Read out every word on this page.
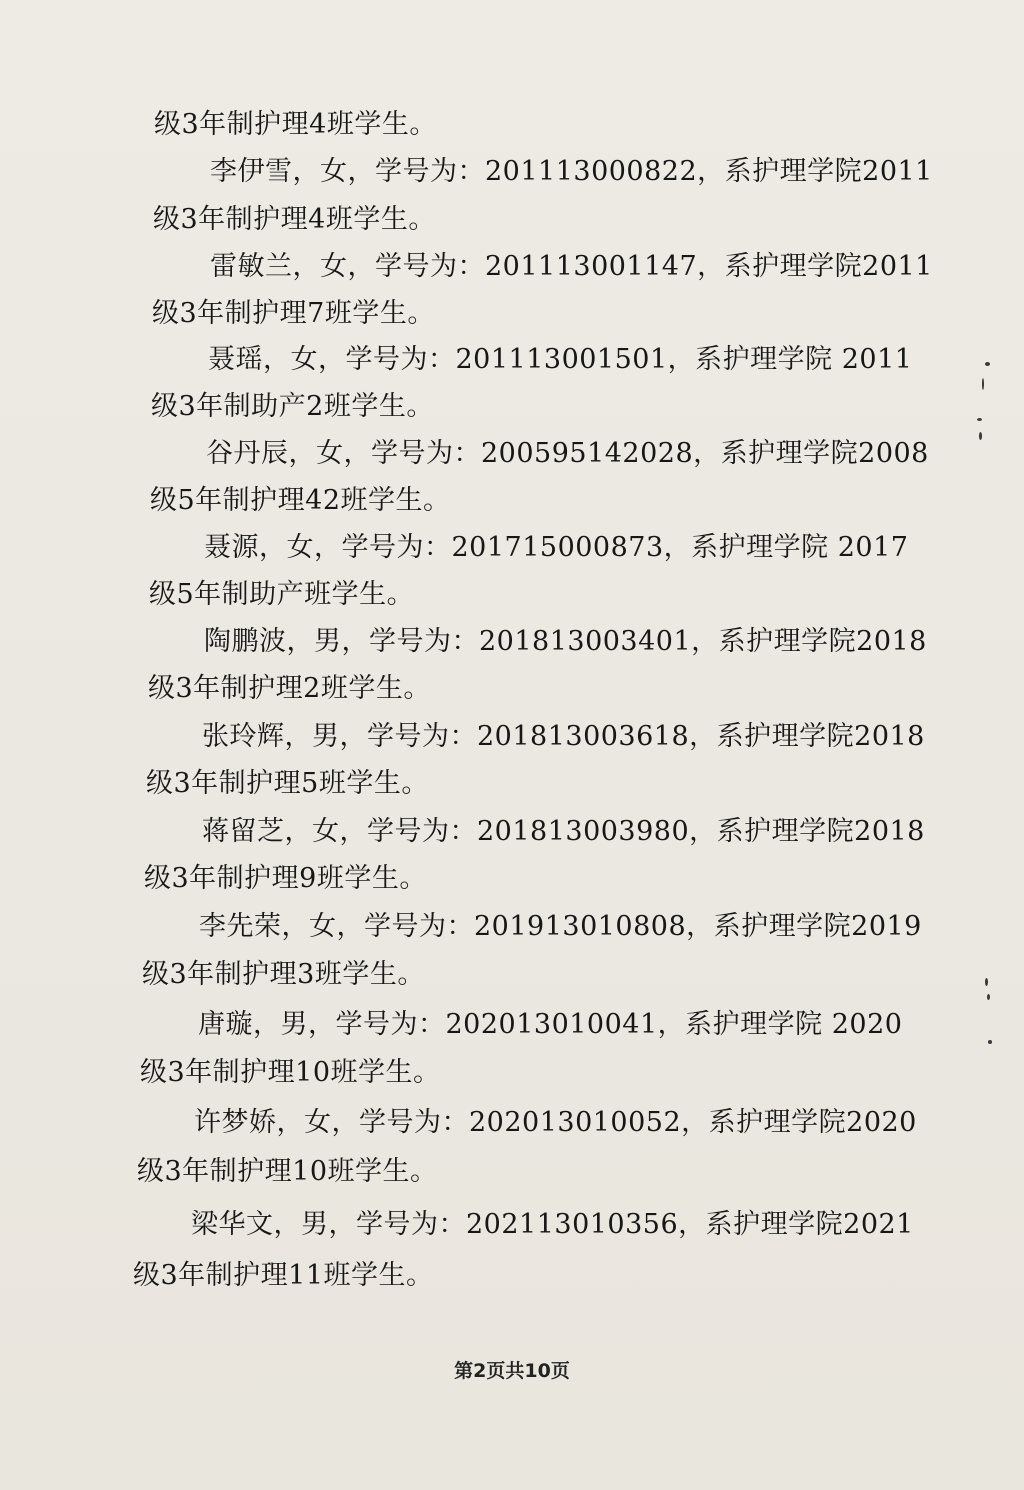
级3年制护理4班学生。
李伊雪，女，学号为：201113000822，系护理学院2011
级3年制护理4班学生。
雷敏兰，女，学号为：201113001147，系护理学院2011
级3年制护理7班学生。
聂瑶，女，学号为：201113001501，系护理学院 2011
级3年制助产2班学生。
谷丹辰，女，学号为：200595142028，系护理学院2008
级5年制护理42班学生。
聂源，女，学号为：201715000873，系护理学院 2017
级5年制助产班学生。
陶鹏波，男，学号为：201813003401，系护理学院2018
级3年制护理2班学生。
张玲辉，男，学号为：201813003618，系护理学院2018
级3年制护理5班学生。
蒋留芝，女，学号为：201813003980，系护理学院2018
级3年制护理9班学生。
李先荣，女，学号为：201913010808，系护理学院2019
级3年制护理3班学生。
唐璇，男，学号为：202013010041，系护理学院 2020
级3年制护理10班学生。
许梦娇，女，学号为：202013010052，系护理学院2020
级3年制护理10班学生。
梁华文，男，学号为：202113010356，系护理学院2021
级3年制护理11班学生。
第2页共10页
